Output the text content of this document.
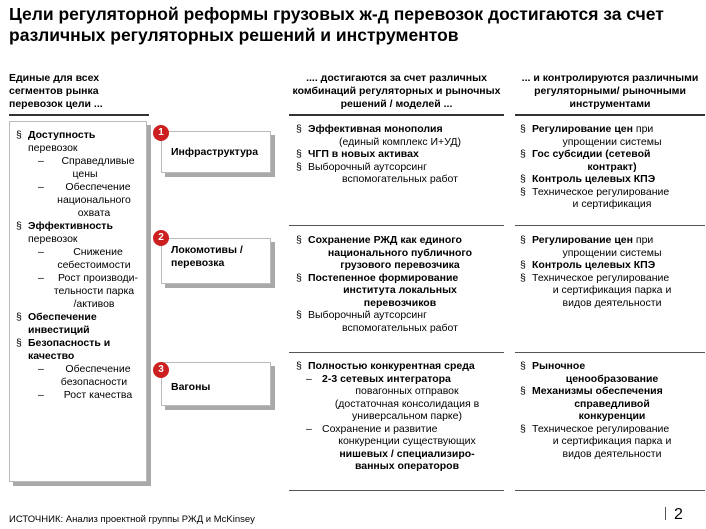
Цели регуляторной реформы грузовых ж-д перевозок достигаются за счет различных регуляторных решений и инструментов
Единые для всех сегментов рынка перевозок цели ...
.... достигаются за счет различных комбинаций регуляторных и рыночных решений / моделей ...
... и контролируются различными регуляторными/ рыночными инструментами
§ Доступность
перевозок
– Справедливые
цены
– Обеспечение
национального
охвата
§ Эффективность
перевозок
–	Снижение
себестоимости
– Рост производи-
тельности парка
/активов
§ Обеспечение
инвестиций
§ Безопасность и
качество
– Обеспечение
безопасности
– Рост качества
Инфраструктура
1
Локомотивы / перевозка
2
Вагоны
3
§ Эффективная монополия
(единый комплекс И+УД)
§ ЧГП в новых активах
§ Выборочный аутсорсинг
вспомогательных работ
§ Регулирование цен при
упрощении системы
§ Гос субсидии (сетевой
контракт)
§ Контроль целевых КПЭ
§ Техническое регулирование
и сертификация
§ Сохранение РЖД как единого
национального публичного
грузового перевозчика
§ Постепенное формирование
института локальных
перевозчиков
§ Выборочный аутсорсинг
вспомогательных работ
§ Регулирование цен при
упрощении системы
§ Контроль целевых КПЭ
§ Техническое регулирование
и сертификация парка и
видов деятельности
§ Полностью конкурентная среда
– 2-3 сетевых интегратора
повагонных отправок
(достаточная консолидация в
универсальном парке)
– Сохранение и развитие
конкуренции существующих
нишевых / специализиро-
ванных операторов
§ Рыночное
ценообразование
§ Механизмы обеспечения
справедливой
конкуренции
§ Техническое регулирование
и сертификация парка и
видов деятельности
ИСТОЧНИК: Анализ проектной группы РЖД и McKinsey	2
